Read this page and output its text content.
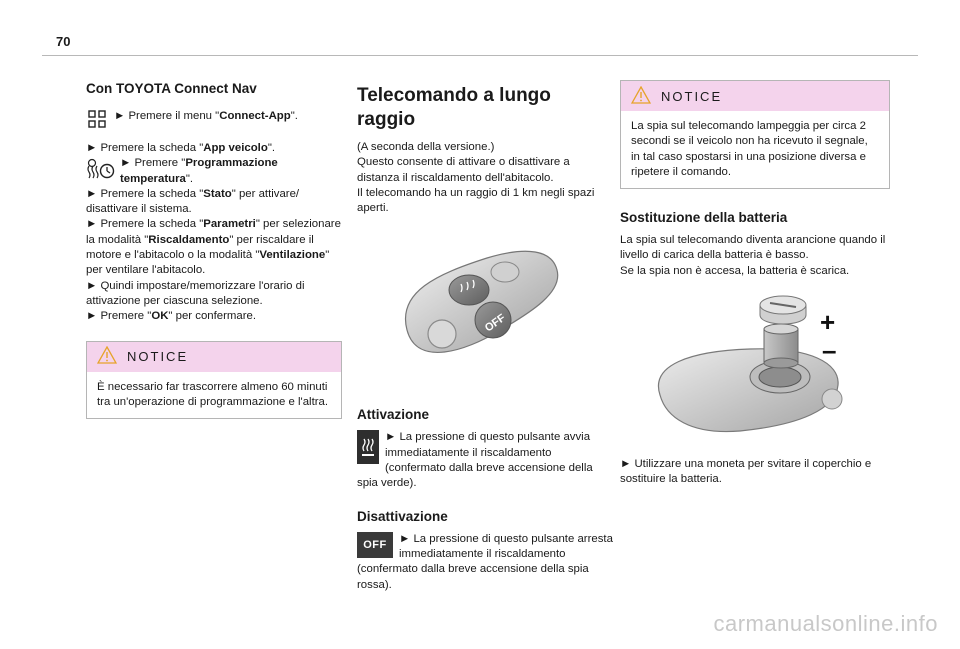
70
Con TOYOTA Connect Nav

► Premere il menu "Connect-App".

► Premere la scheda "App veicolo".

► Premere "Programmazione temperatura".

► Premere la scheda "Stato" per attivare/ disattivare il sistema.

► Premere la scheda "Parametri" per selezionare la modalità "Riscaldamento" per riscaldare il motore e l'abitacolo o la modalità "Ventilazione" per ventilare l'abitacolo.

► Quindi impostare/memorizzare l'orario di attivazione per ciascuna selezione.

► Premere "OK" per confermare.

NOTICE

È necessario far trascorrere almeno 60 minuti tra un'operazione di programmazione e l'altra.

Telecomando a lungo raggio

(A seconda della versione.)
Questo consente di attivare o disattivare a distanza il riscaldamento dell'abitacolo.
Il telecomando ha un raggio di 1 km negli spazi aperti.

OFF
Attivazione

► La pressione di questo pulsante avvia immediatamente il riscaldamento (confermato dalla breve accensione della spia verde).

Disattivazione
OFF	► La pressione di questo pulsante arresta immediatamente il riscaldamento (confermato dalla breve accensione della spia rossa).

NOTICE

La spia sul telecomando lampeggia per circa 2 secondi se il veicolo non ha ricevuto il segnale, in tal caso spostarsi in una posizione diversa e ripetere il comando.

Sostituzione della batteria

La spia sul telecomando diventa arancione quando il livello di carica della batteria è basso.
Se la spia non è accesa, la batteria è scarica.

+
–

► Utilizzare una moneta per svitare il coperchio e sostituire la batteria.

carmanualsonline.info
